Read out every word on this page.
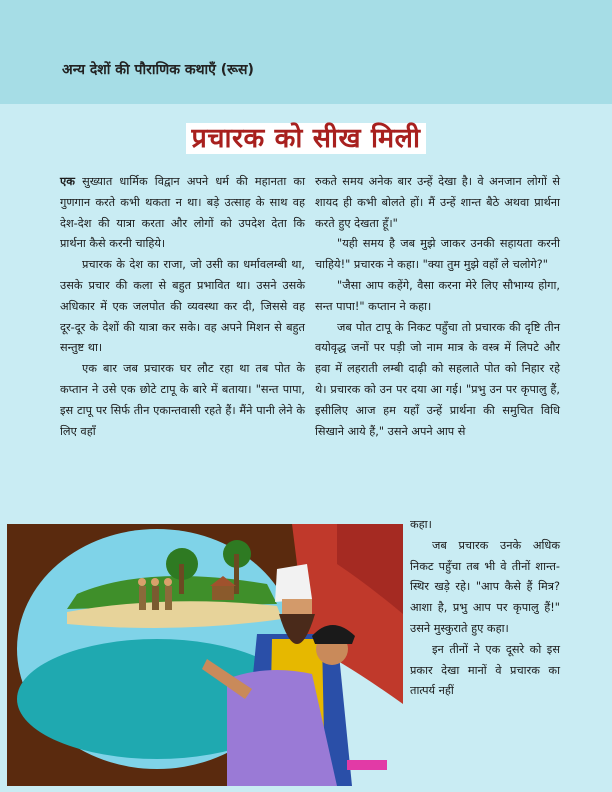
अन्य देशों की पौराणिक कथाएँ (रूस)
प्रचारक को सीख मिली

एक सुख्यात धार्मिक विद्वान अपने धर्म की महानता का गुणगान करते कभी थकता न था। बड़े उत्साह के साथ वह देश-देश की यात्रा करता और लोगों को उपदेश देता कि प्रार्थना कैसे करनी चाहिये।

प्रचारक के देश का राजा, जो उसी का धर्मावलम्बी था, उसके प्रचार की कला से बहुत प्रभावित था। उसने उसके अधिकार में एक जलपोत की व्यवस्था कर दी, जिससे वह दूर-दूर के देशों की यात्रा कर सके। वह अपने मिशन से बहुत सन्तुष्ट था।

एक बार जब प्रचारक घर लौट रहा था तब पोत के कप्तान ने उसे एक छोटे टापू के बारे में बताया। "सन्त पापा, इस टापू पर सिर्फ तीन एकान्तवासी रहते हैं। मैंने पानी लेने के लिए वहाँ

रुकते समय अनेक बार उन्हें देखा है। वे अनजान लोगों से शायद ही कभी बोलते हों। मैं उन्हें शान्त बैठे अथवा प्रार्थना करते हुए देखता हूँ।"

"यही समय है जब मुझे जाकर उनकी सहायता करनी चाहिये!" प्रचारक ने कहा। "क्या तुम मुझे वहाँ ले चलोगे?"

"जैसा आप कहेंगे, वैसा करना मेरे लिए सौभाग्य होगा, सन्त पापा!" कप्तान ने कहा।

जब पोत टापू के निकट पहुँचा तो प्रचारक की दृष्टि तीन वयोवृद्ध जनों पर पड़ी जो नाम मात्र के वस्त्र में लिपटे और हवा में लहराती लम्बी दाढ़ी को सहलाते पोत को निहार रहे थे। प्रचारक को उन पर दया आ गई। "प्रभु उन पर कृपालु हैं, इसीलिए आज हम यहाँ उन्हें प्रार्थना की समुचित विधि सिखाने आये हैं," उसने अपने आप से

कहा।

जब प्रचारक उनके अधिक निकट पहुँचा तब भी वे तीनों शान्त-स्थिर खड़े रहे। "आप कैसे हैं मित्र? आशा है, प्रभु आप पर कृपालु हैं!" उसने मुस्कुराते हुए कहा।

इन तीनों ने एक दूसरे को इस प्रकार देखा मानों वे प्रचारक का तात्पर्य नहीं
